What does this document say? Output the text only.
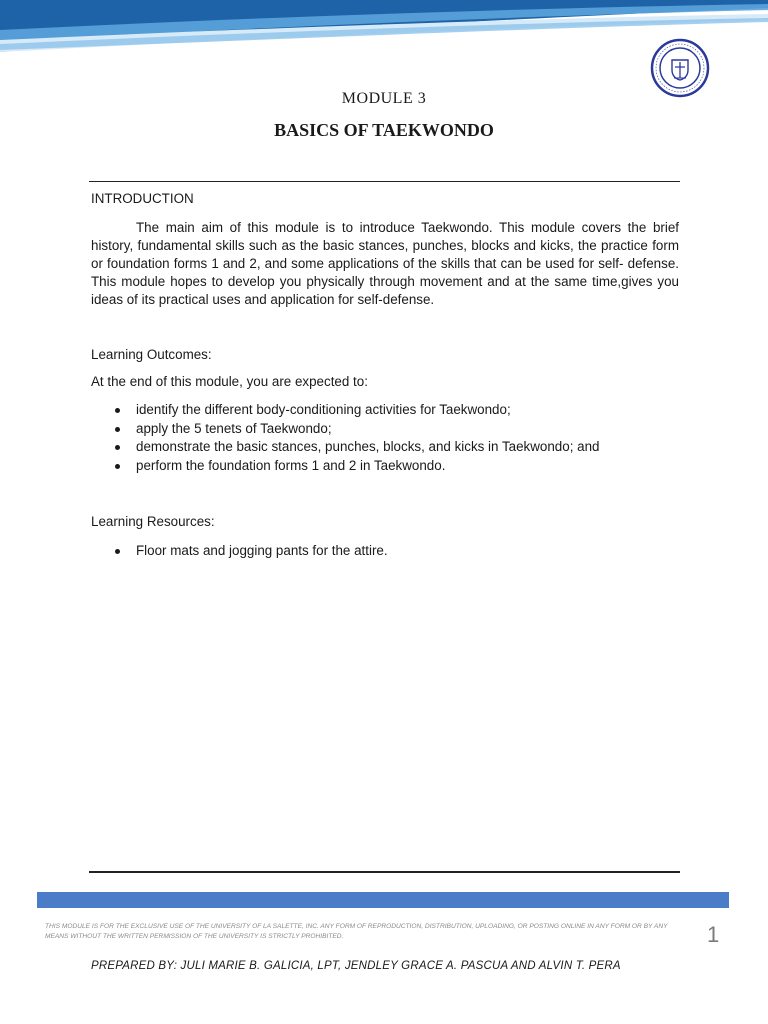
MODULE 3
BASICS OF TAEKWONDO
INTRODUCTION
The main aim of this module is to introduce Taekwondo. This module covers the brief history, fundamental skills such as the basic stances, punches, blocks and kicks, the practice form or foundation forms 1 and 2, and some applications of the skills that can be used for self- defense. This module hopes to develop you physically through movement and at the same time,gives you ideas of its practical uses and application for self-defense.
Learning Outcomes:
At the end of this module, you are expected to:
identify the different body-conditioning activities for Taekwondo;
apply the 5 tenets of Taekwondo;
demonstrate the basic stances, punches, blocks, and kicks in Taekwondo; and
perform the foundation forms 1 and 2 in Taekwondo.
Learning Resources:
Floor mats and jogging pants for the attire.
THIS MODULE IS FOR THE EXCLUSIVE USE OF THE UNIVERSITY OF LA SALETTE, INC. ANY FORM OF REPRODUCTION, DISTRIBUTION, UPLOADING, OR POSTING ONLINE IN ANY FORM OR BY ANY MEANS WITHOUT THE WRITTEN PERMISSION OF THE UNIVERSITY IS STRICTLY PROHIBITED.	1
PREPARED BY: JULI MARIE B. GALICIA, LPT, JENDLEY GRACE A. PASCUA AND ALVIN T. PERA
